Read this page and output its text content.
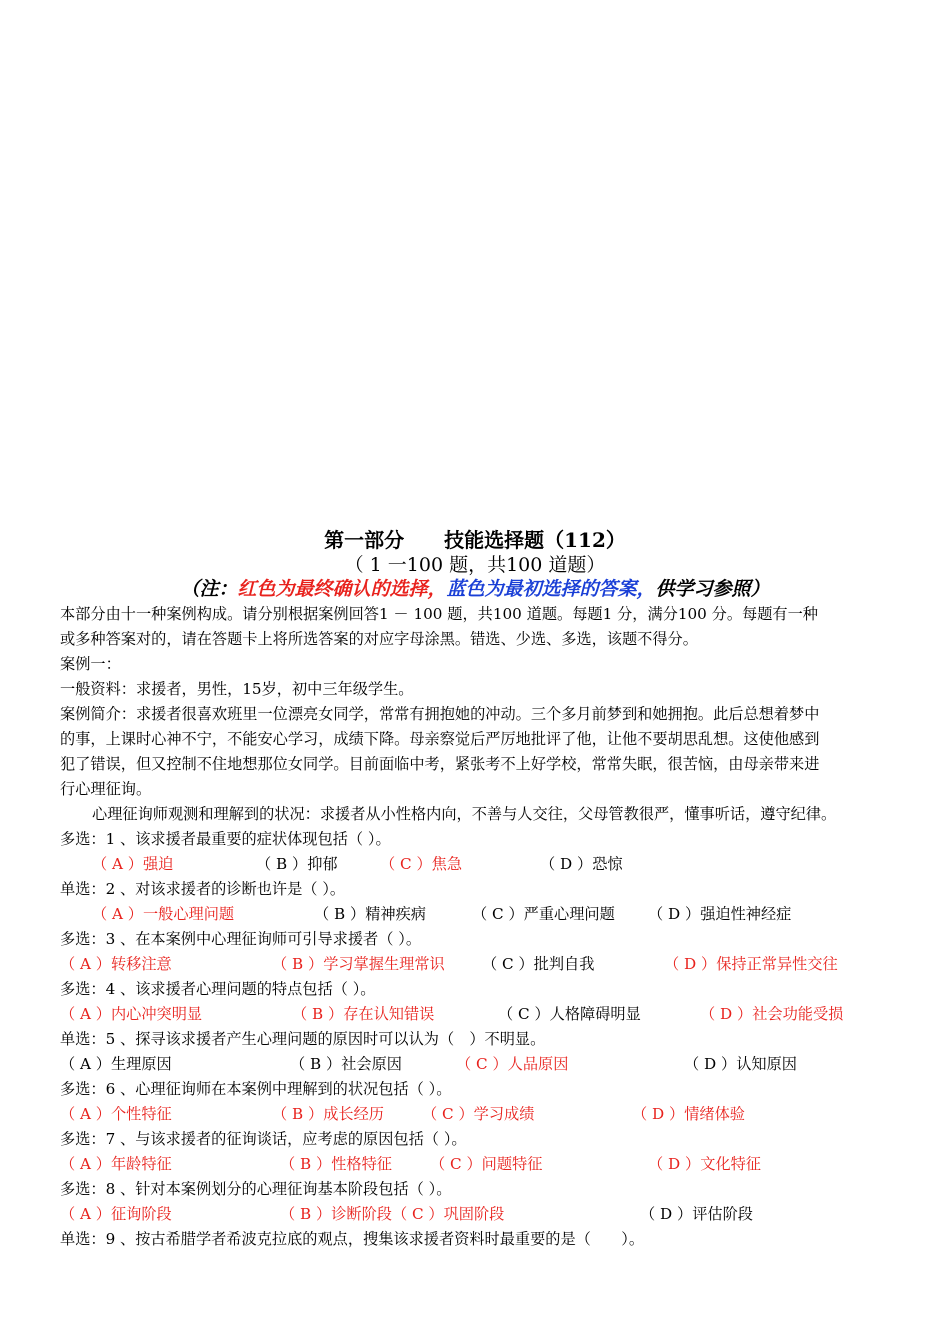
第一部分　　技能选择题（112）
（ 1 一100 题，共100 道题）
（注：红色为最终确认的选择，蓝色为最初选择的答案，供学习参照）
本部分由十一种案例构成。请分别根据案例回答1 － 100 题，共100 道题。每题1 分，满分100 分。每题有一种
或多种答案对的，请在答题卡上将所选答案的对应字母涂黑。错选、少选、多选，该题不得分。
案例一：
一般资料：求援者，男性，15岁，初中三年级学生。
案例简介：求援者很喜欢班里一位漂亮女同学，常常有拥抱她的冲动。三个多月前梦到和她拥抱。此后总想着梦中
的事，上课时心神不宁，不能安心学习，成绩下降。母亲察觉后严厉地批评了他，让他不要胡思乱想。这使他感到
犯了错误，但又控制不住地想那位女同学。目前面临中考，紧张考不上好学校，常常失眠，很苦恼，由母亲带来进
行心理征询。
心理征询师观测和理解到的状况：求援者从小性格内向，不善与人交往，父母管教很严，懂事听话，遵守纪律。
多选：1 、该求援者最重要的症状体现包括（ ）。
（ A ）强迫	（ B ）抑郁	（ C ）焦急	（ D ）恐惊
单选：2 、对该求援者的诊断也许是（ ）。
（ A ）一般心理问题	（ B ）精神疾病	（ C ）严重心理问题 （ D ）强迫性神经症
多选：3 、在本案例中心理征询师可引导求援者（ ）。
（ A ）转移注意	（ B ）学习掌握生理常识 （ C ）批判自我	（ D ）保持正常异性交往
多选：4 、该求援者心理问题的特点包括（ ）。
（ A ）内心冲突明显	（ B ）存在认知错误	（ C ）人格障碍明显	（ D ）社会功能受损
单选：5 、探寻该求援者产生心理问题的原因时可以认为（　）不明显。
（ A ）生理原因	（ B ）社会原因	（ C ）人品原因	（ D ）认知原因
多选：6 、心理征询师在本案例中理解到的状况包括（ ）。
（ A ）个性特征	（ B ）成长经历	（ C ）学习成绩	（ D ）情绪体验
多选：7 、与该求援者的征询谈话，应考虑的原因包括（ ）。
（ A ）年龄特征	（ B ）性格特征	（ C ）问题特征	（ D ）文化特征
多选：8 、针对本案例划分的心理征询基本阶段包括（ ）。
（ A ）征询阶段	（ B ）诊断阶段（ C ）巩固阶段	（ D ）评估阶段
单选：9 、按古希腊学者希波克拉底的观点，搜集该求援者资料时最重要的是（　　）。
